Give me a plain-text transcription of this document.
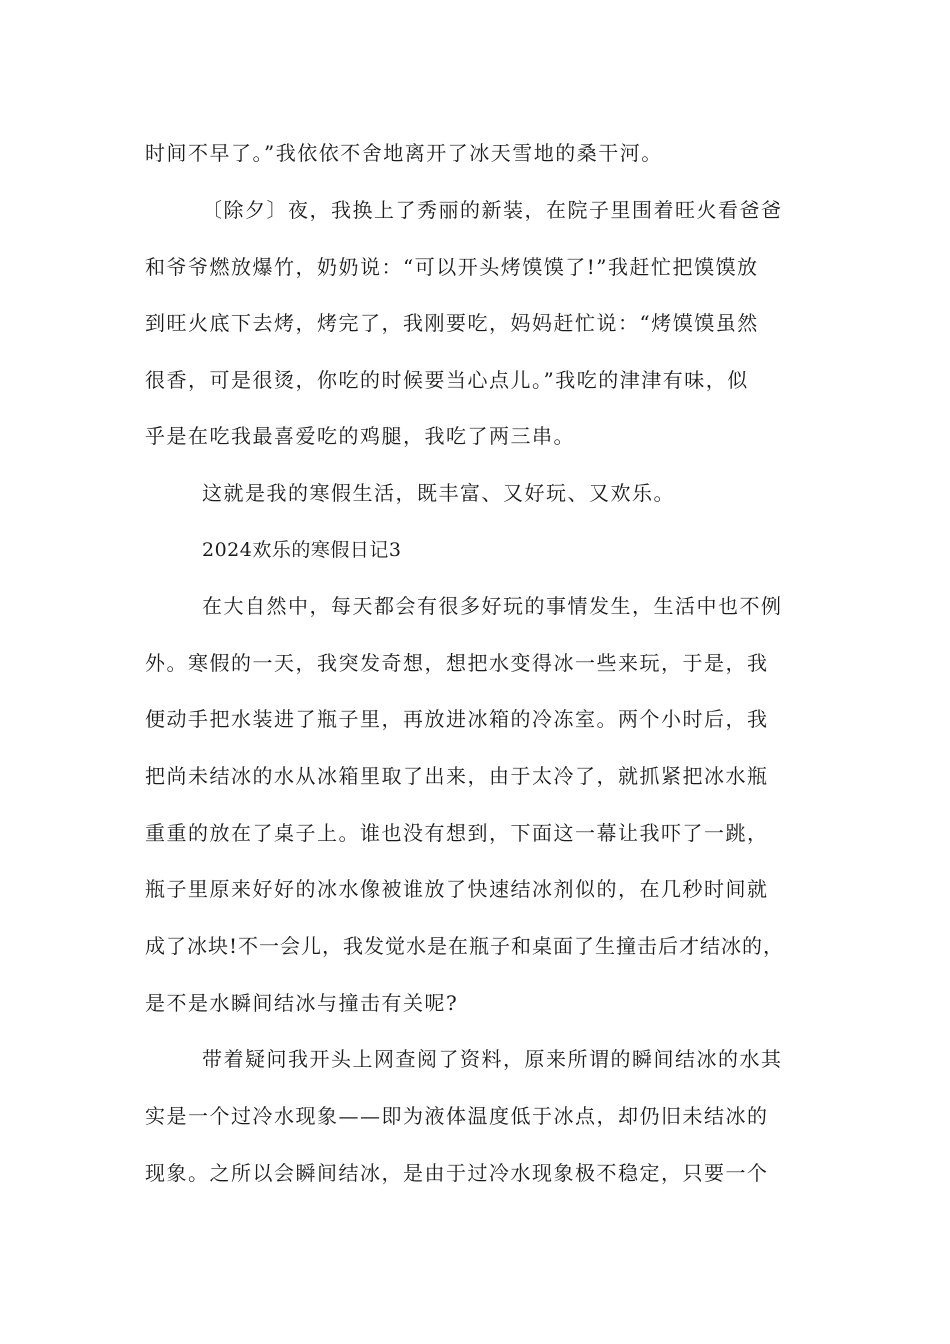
时间不早了。”我依依不舍地离开了冰天雪地的桑干河。
〔除夕〕夜，我换上了秀丽的新装，在院子里围着旺火看爸爸
和爷爷燃放爆竹，奶奶说：“可以开头烤馍馍了!”我赶忙把馍馍放
到旺火底下去烤，烤完了，我刚要吃，妈妈赶忙说：“烤馍馍虽然
很香，可是很烫，你吃的时候要当心点儿。”我吃的津津有味，似
乎是在吃我最喜爱吃的鸡腿，我吃了两三串。
这就是我的寒假生活，既丰富、又好玩、又欢乐。
2024欢乐的寒假日记3
在大自然中，每天都会有很多好玩的事情发生，生活中也不例
外。寒假的一天，我突发奇想，想把水变得冰一些来玩，于是，我
便动手把水装进了瓶子里，再放进冰箱的冷冻室。两个小时后，我
把尚未结冰的水从冰箱里取了出来，由于太冷了，就抓紧把冰水瓶
重重的放在了桌子上。谁也没有想到，下面这一幕让我吓了一跳，
瓶子里原来好好的冰水像被谁放了快速结冰剂似的，在几秒时间就
成了冰块!不一会儿，我发觉水是在瓶子和桌面了生撞击后才结冰的，
是不是水瞬间结冰与撞击有关呢?
带着疑问我开头上网查阅了资料，原来所谓的瞬间结冰的水其
实是一个过冷水现象——即为液体温度低于冰点，却仍旧未结冰的
现象。之所以会瞬间结冰，是由于过冷水现象极不稳定，只要一个
